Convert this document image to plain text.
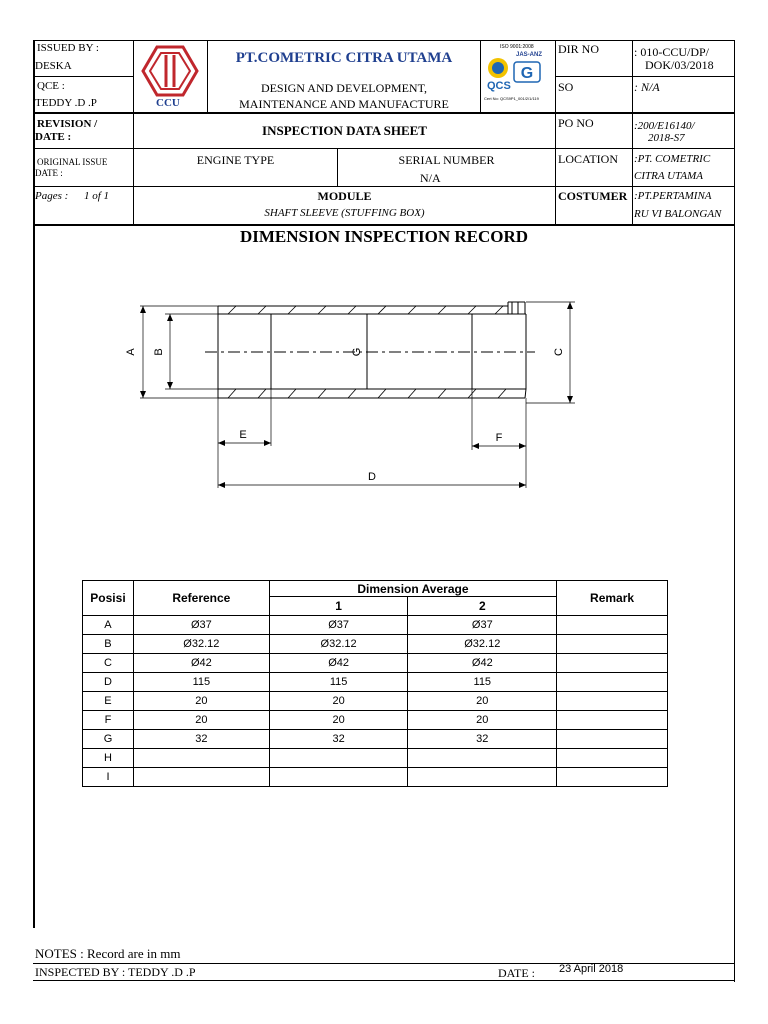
ISSUED BY :
DESKA
QCE :
TEDDY .D .P	CCU
PT.COMETRIC CITRA UTAMA
DESIGN AND DEVELOPMENT,
MAINTENANCE AND MANUFACTURE
ISO 9001:2008
JAS-ANZ
G
QCS
Cert No: QCS9P1_001/2/1/119
DIR NO	: 010-CCU/DP/
DOK/03/2018
SO	: N/A
REVISION /
DATE :	INSPECTION DATA SHEET	PO NO	:200/E16140/
2018-S7
ORIGINAL ISSUE
DATE :
ENGINE TYPE	SERIAL NUMBER
N/A
LOCATION :PT. COMETRIC
CITRA UTAMA
Pages : 1 of 1	MODULE
SHAFT SLEEVE (STUFFING BOX)
COSTUMER :PT.PERTAMINA
RU VI BALONGAN
DIMENSION INSPECTION RECORD
A B	G	C
E	F
D
Posisi	Reference	Dimension Average		Remark
		1	2	
A	Ø37	Ø37	Ø37	
B	Ø32.12	Ø32.12	Ø32.12	
C	Ø42	Ø42	Ø42	
D	115	115	115	
E	20	20	20	
F	20	20	20	
G	32	32	32	
H				
I				
NOTES : Record are in mm
INSPECTED BY : TEDDY .D .P	DATE : 23 April 2018
